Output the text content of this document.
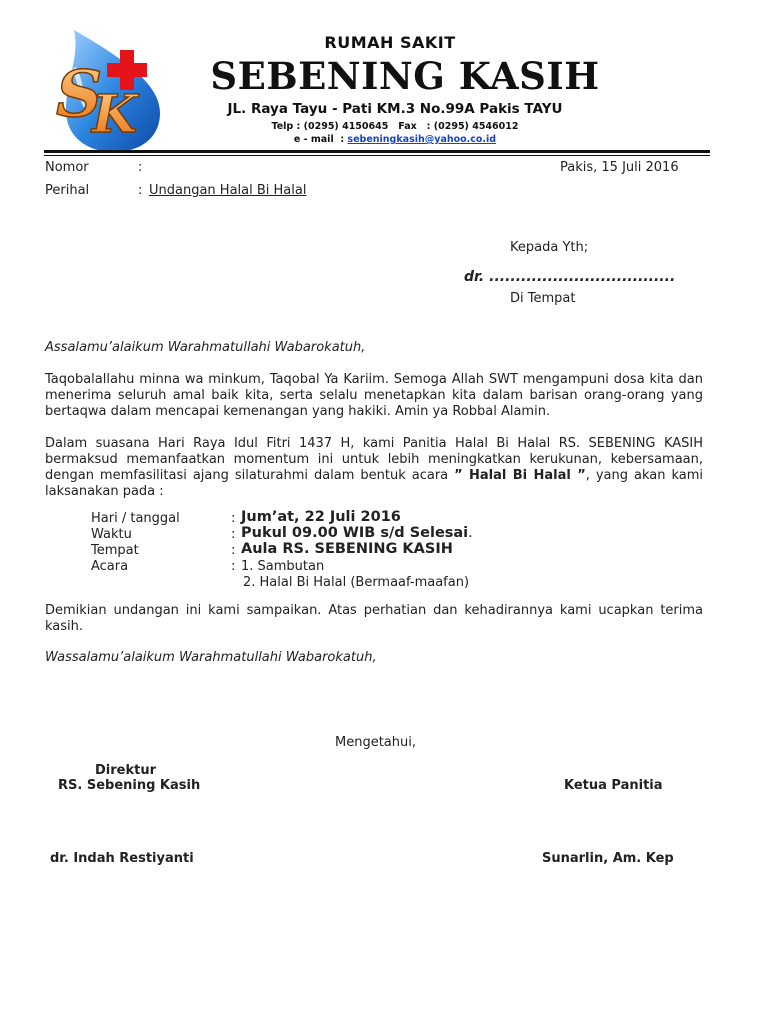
S
K
RUMAH SAKIT
SEBENING KASIH
JL. Raya Tayu - Pati KM.3 No.99A Pakis TAYU
Telp : (0295) 4150645   Fax   : (0295) 4546012
e - mail  : sebeningkasih@yahoo.co.id
Nomor	:	Pakis, 15 Juli 2016
Perihal	: Undangan Halal Bi Halal
Kepada Yth;
dr. ...................................
Di Tempat
Assalamu’alaikum Warahmatullahi Wabarokatuh,

Taqobalallahu minna wa minkum, Taqobal Ya Kariim. Semoga Allah SWT mengampuni dosa kita dan menerima seluruh amal baik kita, serta selalu menetapkan kita dalam barisan orang-orang yang bertaqwa dalam mencapai kemenangan yang hakiki. Amin ya Robbal Alamin.

Dalam suasana Hari Raya Idul Fitri 1437 H, kami Panitia Halal Bi Halal RS. SEBENING KASIH bermaksud memanfaatkan momentum ini untuk lebih meningkatkan kerukunan, kebersamaan, dengan memfasilitasi ajang silaturahmi dalam bentuk acara ” Halal Bi Halal ”, yang akan kami laksanakan pada :

Hari / tanggal	: Jum’at, 22 Juli 2016
Waktu	: Pukul 09.00 WIB s/d Selesai.
Tempat	: Aula RS. SEBENING KASIH
Acara	: 1. Sambutan
2. Halal Bi Halal (Bermaaf-maafan)

Demikian undangan ini kami sampaikan. Atas perhatian dan kehadirannya kami ucapkan terima kasih.

Wassalamu’alaikum Warahmatullahi Wabarokatuh,
Mengetahui,
Direktur
RS. Sebening Kasih	Ketua Panitia
dr. Indah Restiyanti	Sunarlin, Am. Kep
